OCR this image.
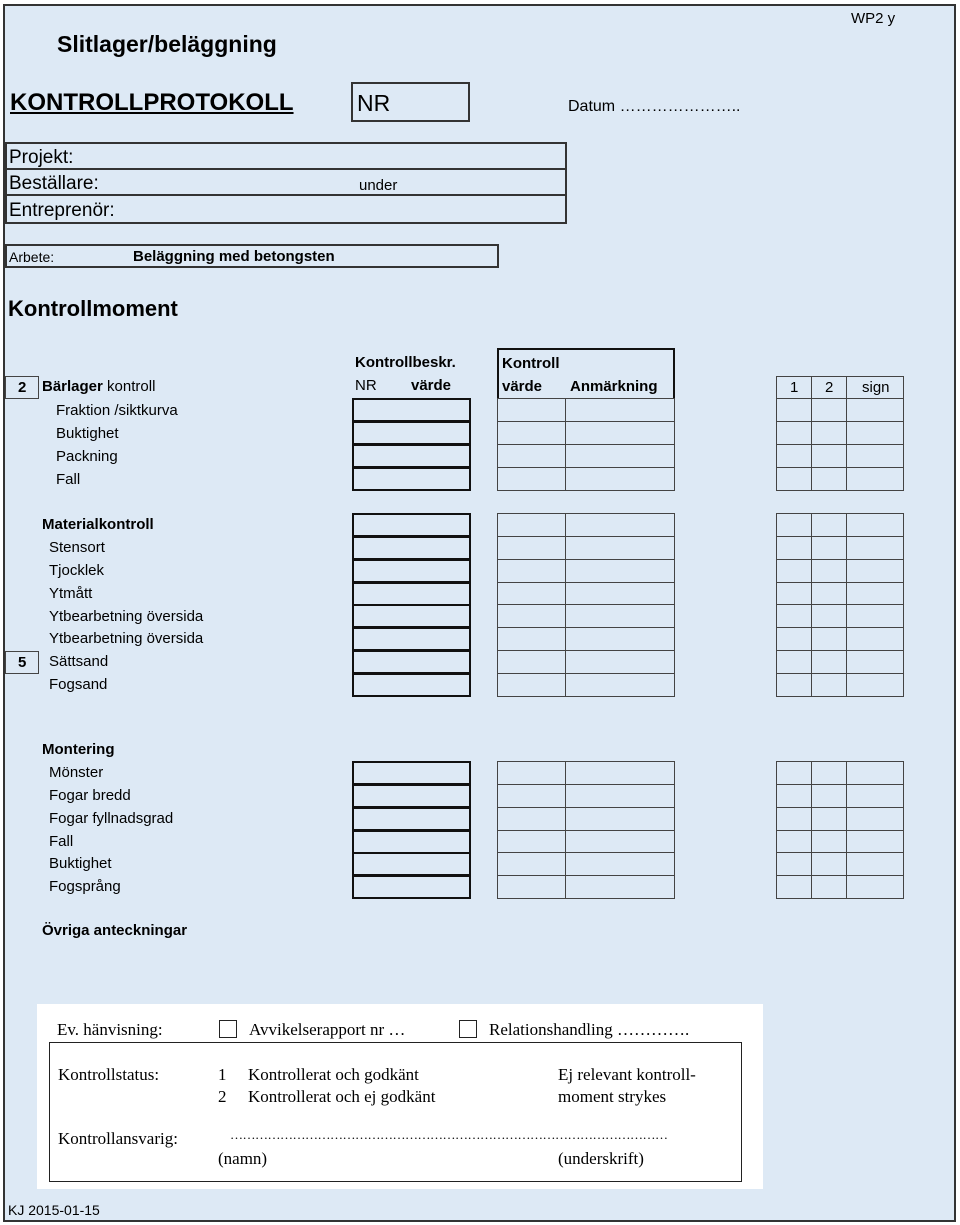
WP2 y
Slitlager/beläggning
KONTROLLPROTOKOLL	NR	Datum …………………..
Projekt:
Beställare:	under
Entreprenör:
Arbete:	Beläggning med betongsten
Kontrollmoment
Kontrollbeskr.
NR värde
Kontroll
värde Anmärkning	1 2 sign
2 Bärlager kontroll
Fraktion /siktkurva
Buktighet
Packning
Fall
Materialkontroll
5
Stensort
Tjocklek
Ytmått
Ytbearbetning översida
Ytbearbetning översida
Sättsand
Fogsand
Montering
Mönster
Fogar bredd
Fogar fyllnadsgrad
Fall
Buktighet
Fogsprång
Övriga anteckningar
Ev. hänvisning:	Avvikelserapport nr …	Relationshandling ………….
Kontrollstatus:	1 Kontrollerat och godkänt
2 Kontrollerat och ej godkänt
Ej relevant kontroll-
moment strykes
Kontrollansvarig:	……………………………………………………………………………………………
(namn)	(underskrift)
KJ 2015-01-15
